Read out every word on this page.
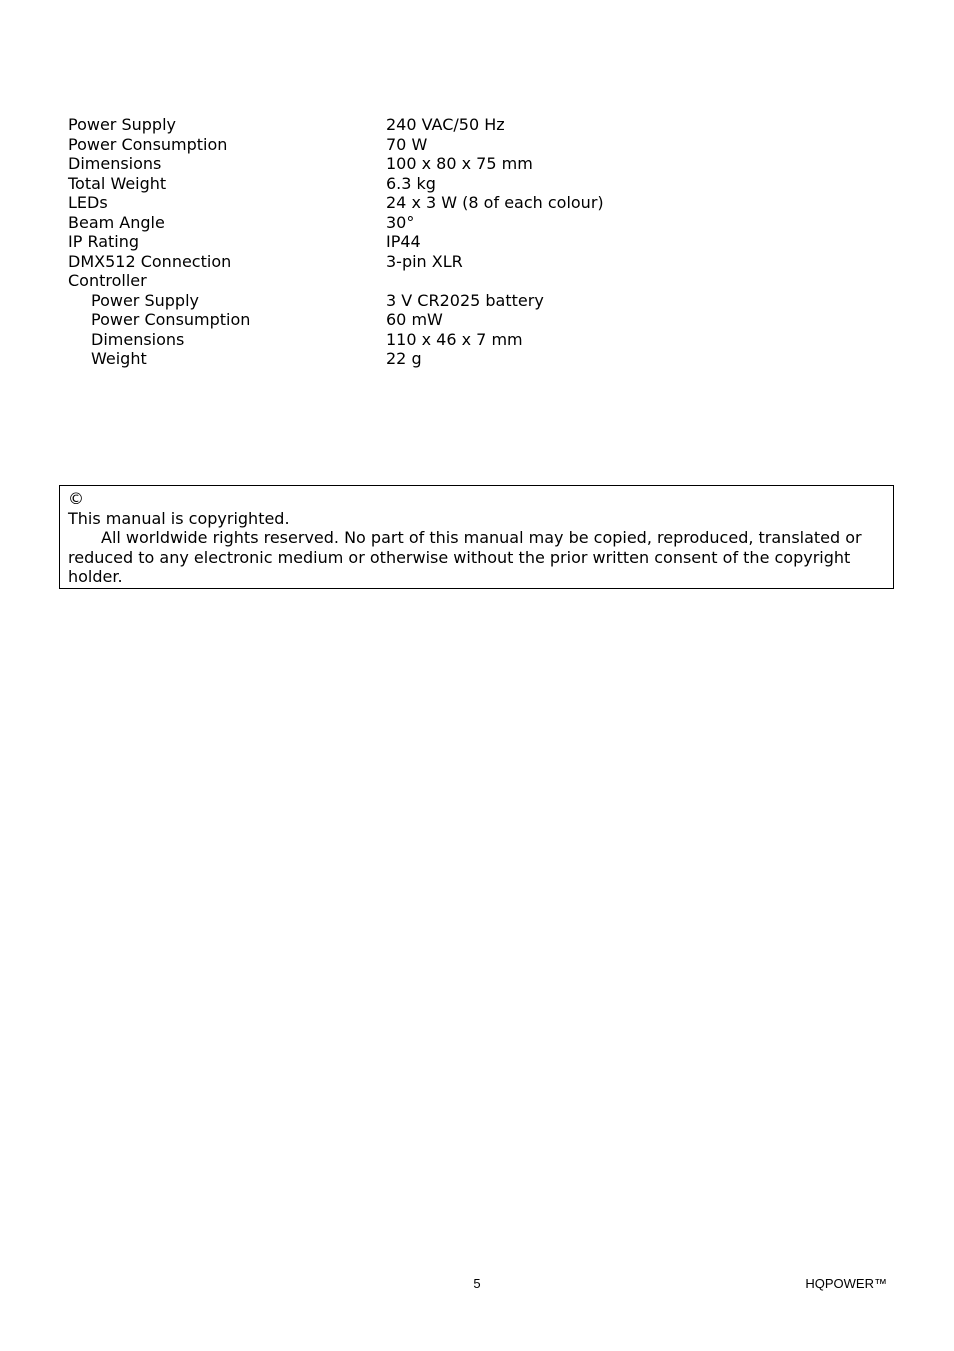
Power Supply	240 VAC/50 Hz
Power Consumption	70 W
Dimensions	100 x 80 x 75 mm
Total Weight	6.3 kg
LEDs	24 x 3 W (8 of each colour)
Beam Angle	30°
IP Rating	IP44
DMX512 Connection	3-pin XLR
Controller
Power Supply	3 V CR2025 battery
Power Consumption	60 mW
Dimensions	110 x 46 x 7 mm
Weight	22 g
©
This manual is copyrighted.
All worldwide rights reserved. No part of this manual may be copied, reproduced, translated or reduced to any electronic medium or otherwise without the prior written consent of the copyright holder.
5	HQPOWER™
